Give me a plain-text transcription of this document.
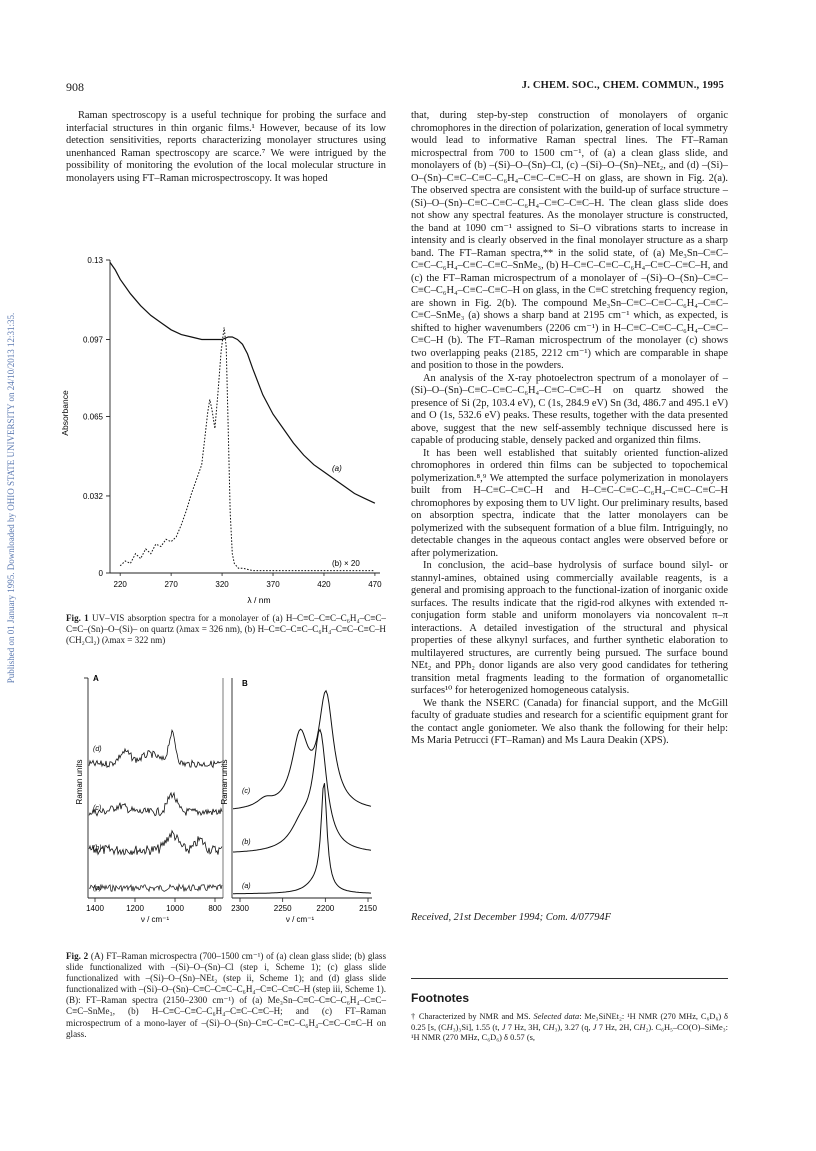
908	J. CHEM. SOC., CHEM. COMMUN., 1995
Published on 01 January 1995. Downloaded by OHIO STATE UNIVERSITY on 24/10/2013 12:31:35.

Raman spectroscopy is a useful technique for probing the surface and interfacial structures in thin organic films.¹ However, because of its low detection sensitivities, reports characterizing monolayer structures using unenhanced Raman spectroscopy are scarce.⁷ We were intrigued by the possibility of monitoring the evolution of the local molecular structure in monolayers using FT–Raman microspectroscopy. It was hoped

0
0.032
0.065
0.097
0.13
220	270	320	370	420	470
Absorbance
λ / nm
(a)
(b) × 20
Fig. 1 UV–VIS absorption spectra for a monolayer of (a) H–C≡C–C≡C–C₆H₄–C≡C–C≡C–(Sn)–O–(Si)– on quartz (λmax = 326 nm), (b) H–C≡C–C≡C–C₆H₄–C≡C–C≡C–H (CH₂Cl₂) (λmax = 322 nm)
A
Raman units
ν / cm⁻¹
1400	1200	1000	800
(d)
(c)
(b)
(a)
B
Raman units
ν / cm⁻¹
2300	2250	2200	2150
(c)
(b)
(a)
Fig. 2 (A) FT–Raman microspectra (700–1500 cm⁻¹) of (a) clean glass slide; (b) glass slide functionalized with –(Si)–O–(Sn)–Cl (step i, Scheme 1); (c) glass slide functionalized with –(Si)–O–(Sn)–NEt₂ (step ii, Scheme 1); and (d) glass slide functionalized with –(Si)–O–(Sn)–C≡C–C≡C–C₆H₄–C≡C–C≡C–H (step iii, Scheme 1). (B): FT–Raman spectra (2150–2300 cm⁻¹) of (a) Me₃Sn–C≡C–C≡C–C₆H₄–C≡C–C≡C–SnMe₃, (b) H–C≡C–C≡C–C₆H₄–C≡C–C≡C–H; and (c) FT–Raman microspectrum of a mono-layer of –(Si)–O–(Sn)–C≡C–C≡C–C₆H₄–C≡C–C≡C–H on glass.

that, during step-by-step construction of monolayers of organic chromophores in the direction of polarization, generation of local symmetry would lead to informative Raman spectral lines. The FT–Raman microspectra‖ from 700 to 1500 cm⁻¹, of (a) a clean glass slide, and monolayers of (b) –(Si)–O–(Sn)–Cl, (c) –(Si)–O–(Sn)–NEt₂, and (d) –(Si)–O–(Sn)–C≡C–C≡C–C₆H₄–C≡C–C≡C–H on glass, are shown in Fig. 2(a). The observed spectra are consistent with the build-up of surface structure –(Si)–O–(Sn)–C≡C–C≡C–C₆H₄–C≡C–C≡C–H. The clean glass slide does not show any spectral features. As the monolayer structure is constructed, the band at 1090 cm⁻¹ assigned to Si–O vibrations starts to increase in intensity and is clearly observed in the final monolayer structure as a sharp band. The FT–Raman spectra,** in the solid state, of (a) Me₃Sn–C≡C–C≡C–C₆H₄–C≡C–C≡C–SnMe₃, (b) H–C≡C–C≡C–C₆H₄–C≡C–C≡C–H, and (c) the FT–Raman microspectrum of a monolayer of –(Si)–O–(Sn)–C≡C–C≡C–C₆H₄–C≡C–C≡C–H on glass, in the C≡C stretching frequency region, are shown in Fig. 2(b). The compound Me₃Sn–C≡C–C≡C–C₆H₄–C≡C–C≡C–SnMe₃ (a) shows a sharp band at 2195 cm⁻¹ which, as expected, is shifted to higher wavenumbers (2206 cm⁻¹) in H–C≡C–C≡C–C₆H₄–C≡C–C≡C–H (b). The FT–Raman microspectrum of the monolayer (c) shows two overlapping peaks (2185, 2212 cm⁻¹) which are comparable in shape and position to those in the powders.

An analysis of the X-ray photoelectron spectrum of a monolayer of –(Si)–O–(Sn)–C≡C–C≡C–C₆H₄–C≡C–C≡C–H on quartz showed the presence of Si (2p, 103.4 eV), C (1s, 284.9 eV) Sn (3d, 486.7 and 495.1 eV) and O (1s, 532.6 eV) peaks. These results, together with the data presented above, suggest that the new self-assembly technique discussed here is capable of producing stable, densely packed and organized thin films.

It has been well established that suitably oriented function-alized chromophores in ordered thin films can be subjected to topochemical polymerization.⁸,⁹ We attempted the surface polymerization in monolayers built from H–C≡C–C≡C–H and H–C≡C–C≡C–C₆H₄–C≡C–C≡C–H chromophores by exposing them to UV light. Our preliminary results, based on absorption spectra, indicate that the latter monolayers can be polymerized with the subsequent formation of a blue film. Intriguingly, no detectable changes in the aqueous contact angles were observed before or after polymerization.

In conclusion, the acid–base hydrolysis of surface bound silyl- or stannyl-amines, obtained using commercially available reagents, is a general and promising approach to the functional-ization of inorganic oxide surfaces. The results indicate that the rigid-rod alkynes with extended π-conjugation form stable and uniform monolayers via noncovalent π–π interactions. A detailed investigation of the structural and physical properties of these alkynyl surfaces, and further synthetic elaboration to multilayered structures, are currently being pursued. The surface bound NEt₂ and PPh₂ donor ligands are also very good candidates for tethering transition metal fragments leading to the formation of organometallic surfaces¹⁰ for heterogenized homogeneous catalysis.

We thank the NSERC (Canada) for financial support, and the McGill faculty of graduate studies and research for a scientific equipment grant for the contact angle goniometer. We also thank the following for their help: Ms Maria Petrucci (FT–Raman) and Ms Laura Deakin (XPS).

Received, 21st December 1994; Com. 4/07794F
Footnotes
† Characterized by NMR and MS. Selected data: Me₃SiNEt₂: ¹H NMR (270 MHz, C₆D₆) δ 0.25 [s, (CH₃)₃Si], 1.55 (t, J 7 Hz, 3H, CH₃), 3.27 (q, J 7 Hz, 2H, CH₂). C₆H₅–CO(O)–SiMe₃: ¹H NMR (270 MHz, C₆D₆) δ 0.57 (s,
